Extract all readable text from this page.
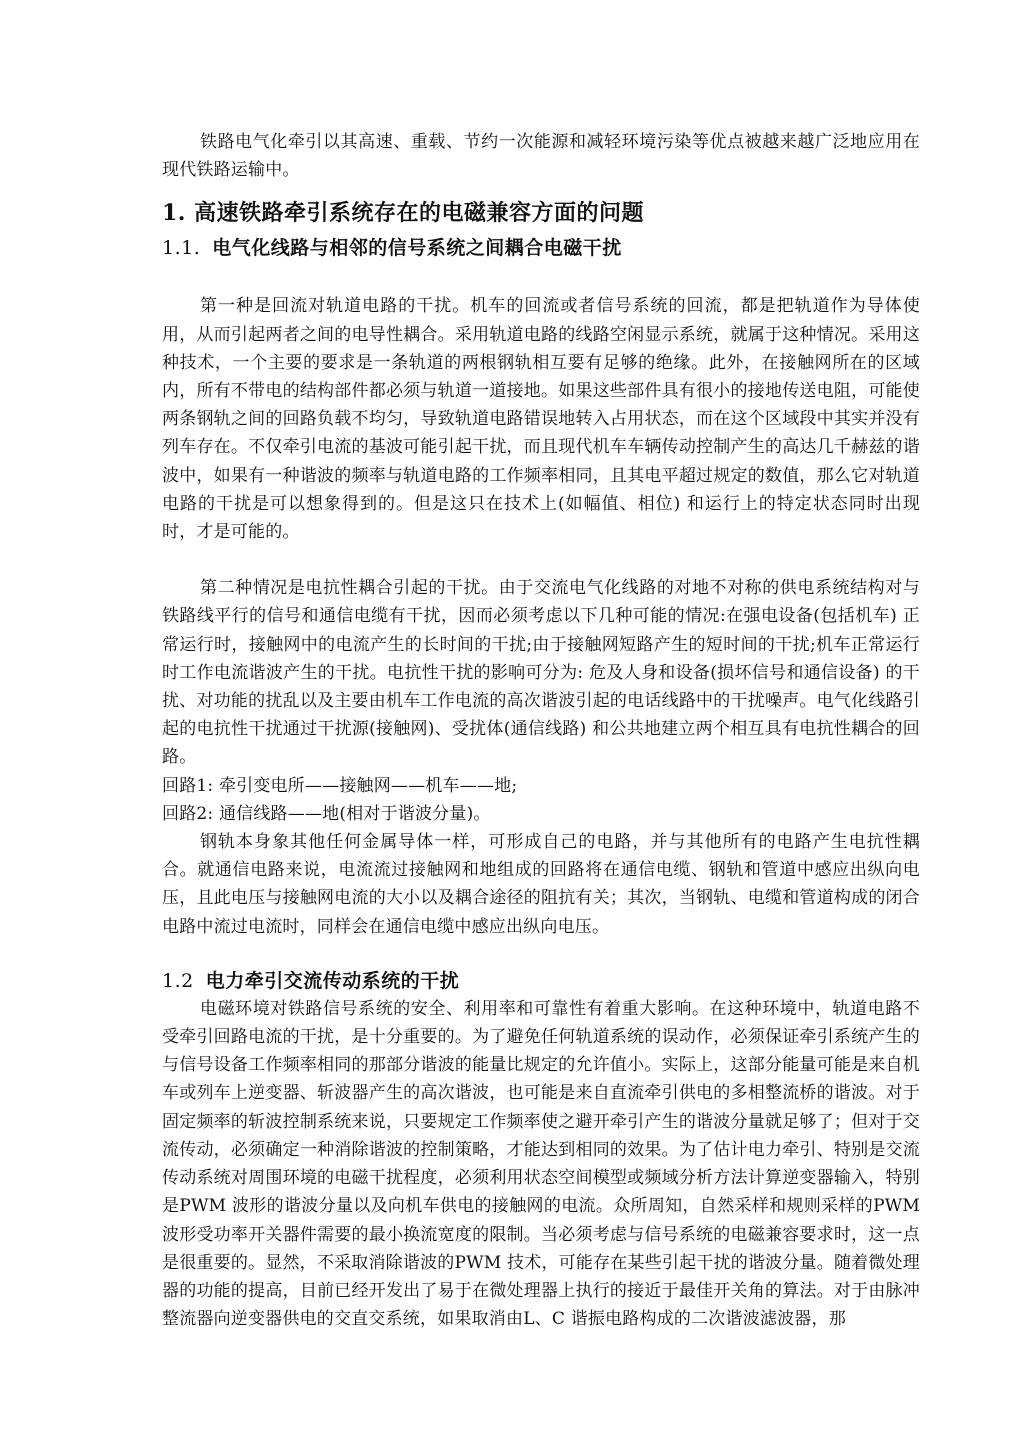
铁路电气化牵引以其高速、重载、节约一次能源和减轻环境污染等优点被越来越广泛地应用在现代铁路运输中。

1. 高速铁路牵引系统存在的电磁兼容方面的问题
1.1. 电气化线路与相邻的信号系统之间耦合电磁干扰

第一种是回流对轨道电路的干扰。机车的回流或者信号系统的回流，都是把轨道作为导体使用，从而引起两者之间的电导性耦合。采用轨道电路的线路空闲显示系统，就属于这种情况。采用这种技术，一个主要的要求是一条轨道的两根钢轨相互要有足够的绝缘。此外，在接触网所在的区域内，所有不带电的结构部件都必须与轨道一道接地。如果这些部件具有很小的接地传送电阻，可能使两条钢轨之间的回路负载不均匀，导致轨道电路错误地转入占用状态，而在这个区域段中其实并没有列车存在。不仅牵引电流的基波可能引起干扰，而且现代机车车辆传动控制产生的高达几千赫兹的谐波中，如果有一种谐波的频率与轨道电路的工作频率相同，且其电平超过规定的数值，那么它对轨道电路的干扰是可以想象得到的。但是这只在技术上(如幅值、相位) 和运行上的特定状态同时出现时，才是可能的。

第二种情况是电抗性耦合引起的干扰。由于交流电气化线路的对地不对称的供电系统结构对与铁路线平行的信号和通信电缆有干扰，因而必须考虑以下几种可能的情况:在强电设备(包括机车) 正常运行时，接触网中的电流产生的长时间的干扰;由于接触网短路产生的短时间的干扰;机车正常运行时工作电流谐波产生的干扰。电抗性干扰的影响可分为: 危及人身和设备(损坏信号和通信设备) 的干扰、对功能的扰乱以及主要由机车工作电流的高次谐波引起的电话线路中的干扰噪声。电气化线路引起的电抗性干扰通过干扰源(接触网)、受扰体(通信线路) 和公共地建立两个相互具有电抗性耦合的回路。

回路1: 牵引变电所——接触网——机车——地;

回路2: 通信线路——地(相对于谐波分量)。

钢轨本身象其他任何金属导体一样，可形成自己的电路，并与其他所有的电路产生电抗性耦合。就通信电路来说，电流流过接触网和地组成的回路将在通信电缆、钢轨和管道中感应出纵向电压，且此电压与接触网电流的大小以及耦合途径的阻抗有关；其次，当钢轨、电缆和管道构成的闭合电路中流过电流时，同样会在通信电缆中感应出纵向电压。

1.2 电力牵引交流传动系统的干扰

电磁环境对铁路信号系统的安全、利用率和可靠性有着重大影响。在这种环境中，轨道电路不受牵引回路电流的干扰，是十分重要的。为了避免任何轨道系统的误动作，必须保证牵引系统产生的与信号设备工作频率相同的那部分谐波的能量比规定的允许值小。实际上，这部分能量可能是来自机车或列车上逆变器、斩波器产生的高次谐波，也可能是来自直流牵引供电的多相整流桥的谐波。对于固定频率的斩波控制系统来说，只要规定工作频率使之避开牵引产生的谐波分量就足够了；但对于交流传动，必须确定一种消除谐波的控制策略，才能达到相同的效果。为了估计电力牵引、特别是交流传动系统对周围环境的电磁干扰程度，必须利用状态空间模型或频域分析方法计算逆变器输入，特别是PWM 波形的谐波分量以及向机车供电的接触网的电流。众所周知，自然采样和规则采样的PWM 波形受功率开关器件需要的最小换流宽度的限制。当必须考虑与信号系统的电磁兼容要求时，这一点是很重要的。显然，不采取消除谐波的PWM 技术，可能存在某些引起干扰的谐波分量。随着微处理器的功能的提高，目前已经开发出了易于在微处理器上执行的接近于最佳开关角的算法。对于由脉冲整流器向逆变器供电的交直交系统，如果取消由L、C 谐振电路构成的二次谐波滤波器，那
